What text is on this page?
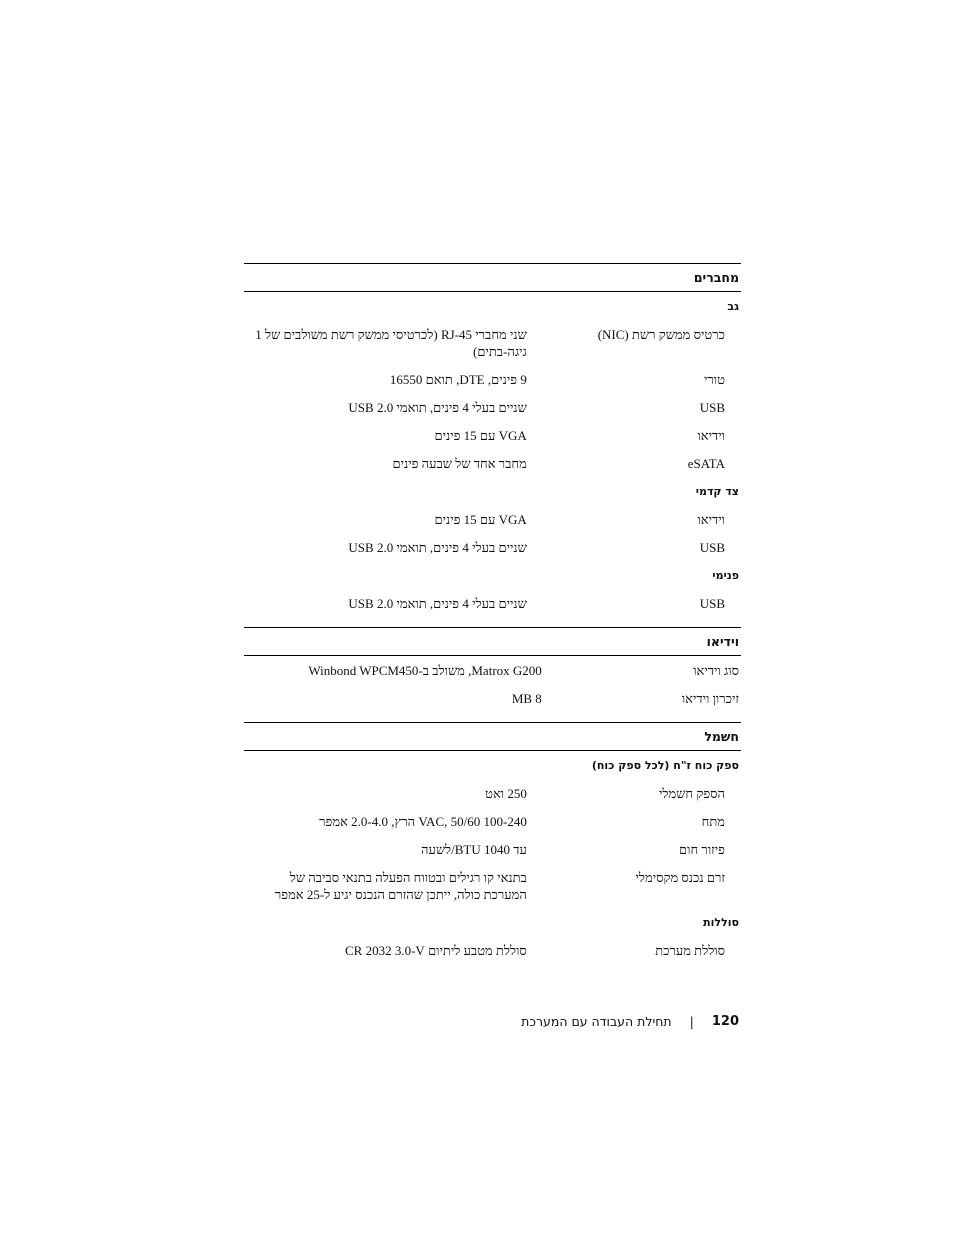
מחברים
גב
כרטיס ממשק רשת (NIC)
שני מחברי RJ-45 (לכרטיסי ממשק רשת משולבים של 1 גיגה-בתים)
טורי
9 פינים, DTE, תואם 16550
USB
שניים בעלי 4 פינים, תואמי USB 2.0
וידיאו
VGA עם 15 פינים
eSATA
מחבר אחד של שבעה פינים
צד קדמי
וידיאו
VGA עם 15 פינים
USB
שניים בעלי 4 פינים, תואמי USB 2.0
פנימי
USB
שניים בעלי 4 פינים, תואמי USB 2.0
וידיאו
סוג וידיאו
Matrox G200, משולב ב-Winbond WPCM450
זיכרון וידיאו
8 MB
חשמל
ספק כוח ז"ח (לכל ספק כוח)
הספק חשמלי
250 ואט
מתח
100-240 VAC, 50/60 הרץ, 2.0-4.0 אמפר
פיזור חום
עד 1040 BTU/לשעה
זרם נכנס מקסימלי
בתנאי קו רגילים ובטווח הפעלה בתנאי סביבה של המערכת כולה, ייתכן שהזרם הנכנס יגיע ל-25 אמפר
סוללות
סוללת מערכת
סוללת מטבע ליתיום CR 2032 3.0-V
120
|
תחילת העבודה עם המערכת
